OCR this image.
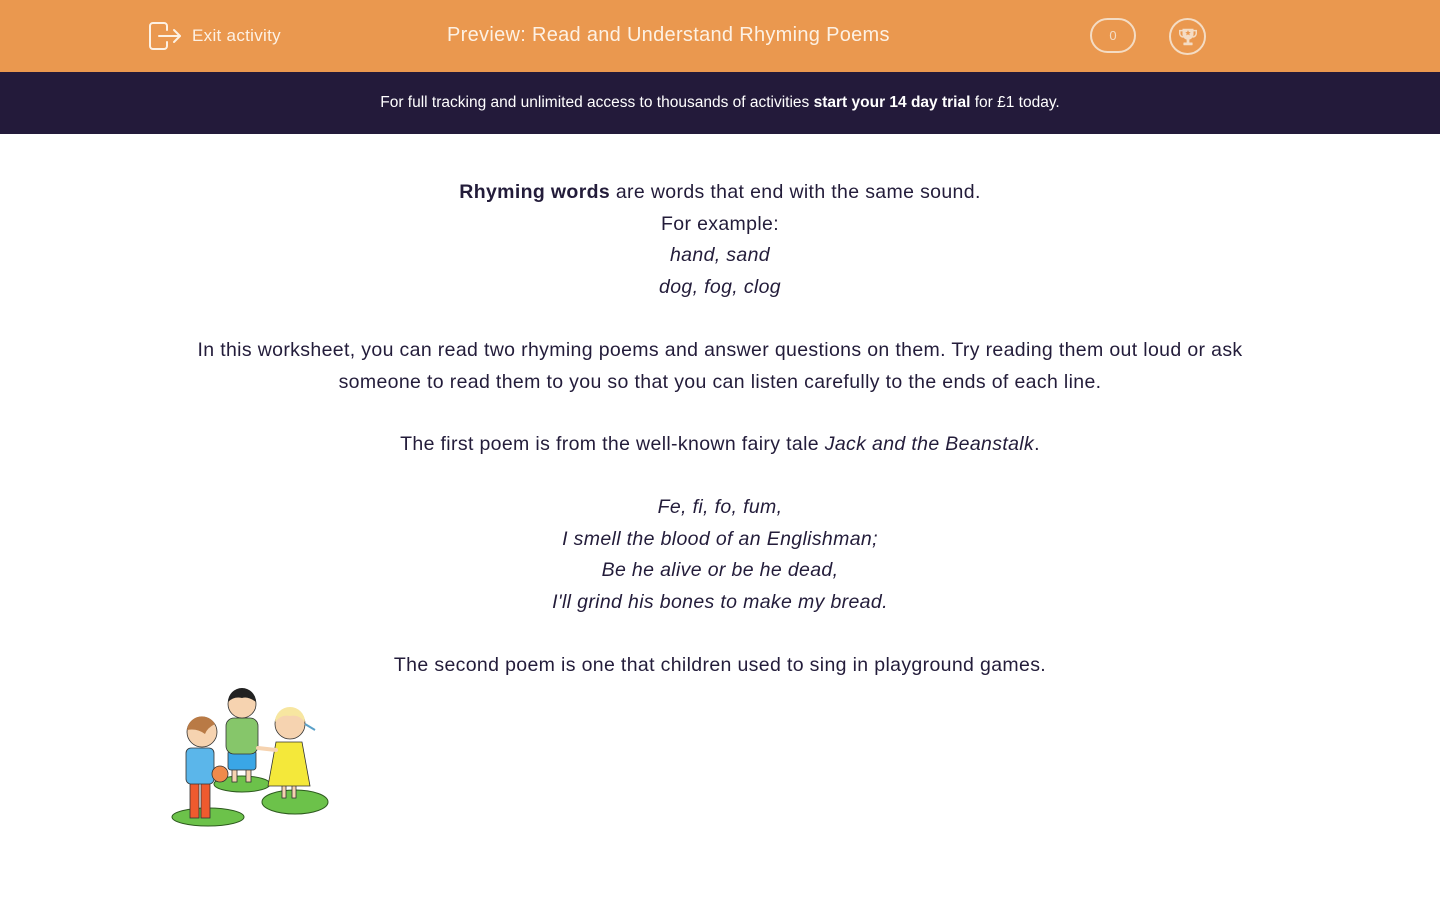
Exit activity	Preview: Read and Understand Rhyming Poems	0
For full tracking and unlimited access to thousands of activities start your 14 day trial for £1 today.

Rhyming words are words that end with the same sound.

For example:

hand, sand

dog, fog, clog

In this worksheet, you can read two rhyming poems and answer questions on them. Try reading them out loud or ask

someone to read them to you so that you can listen carefully to the ends of each line.

The first poem is from the well-known fairy tale Jack and the Beanstalk.

Fe, fi, fo, fum,

I smell the blood of an Englishman;

Be he alive or be he dead,

I'll grind his bones to make my bread.

The second poem is one that children used to sing in playground games.
